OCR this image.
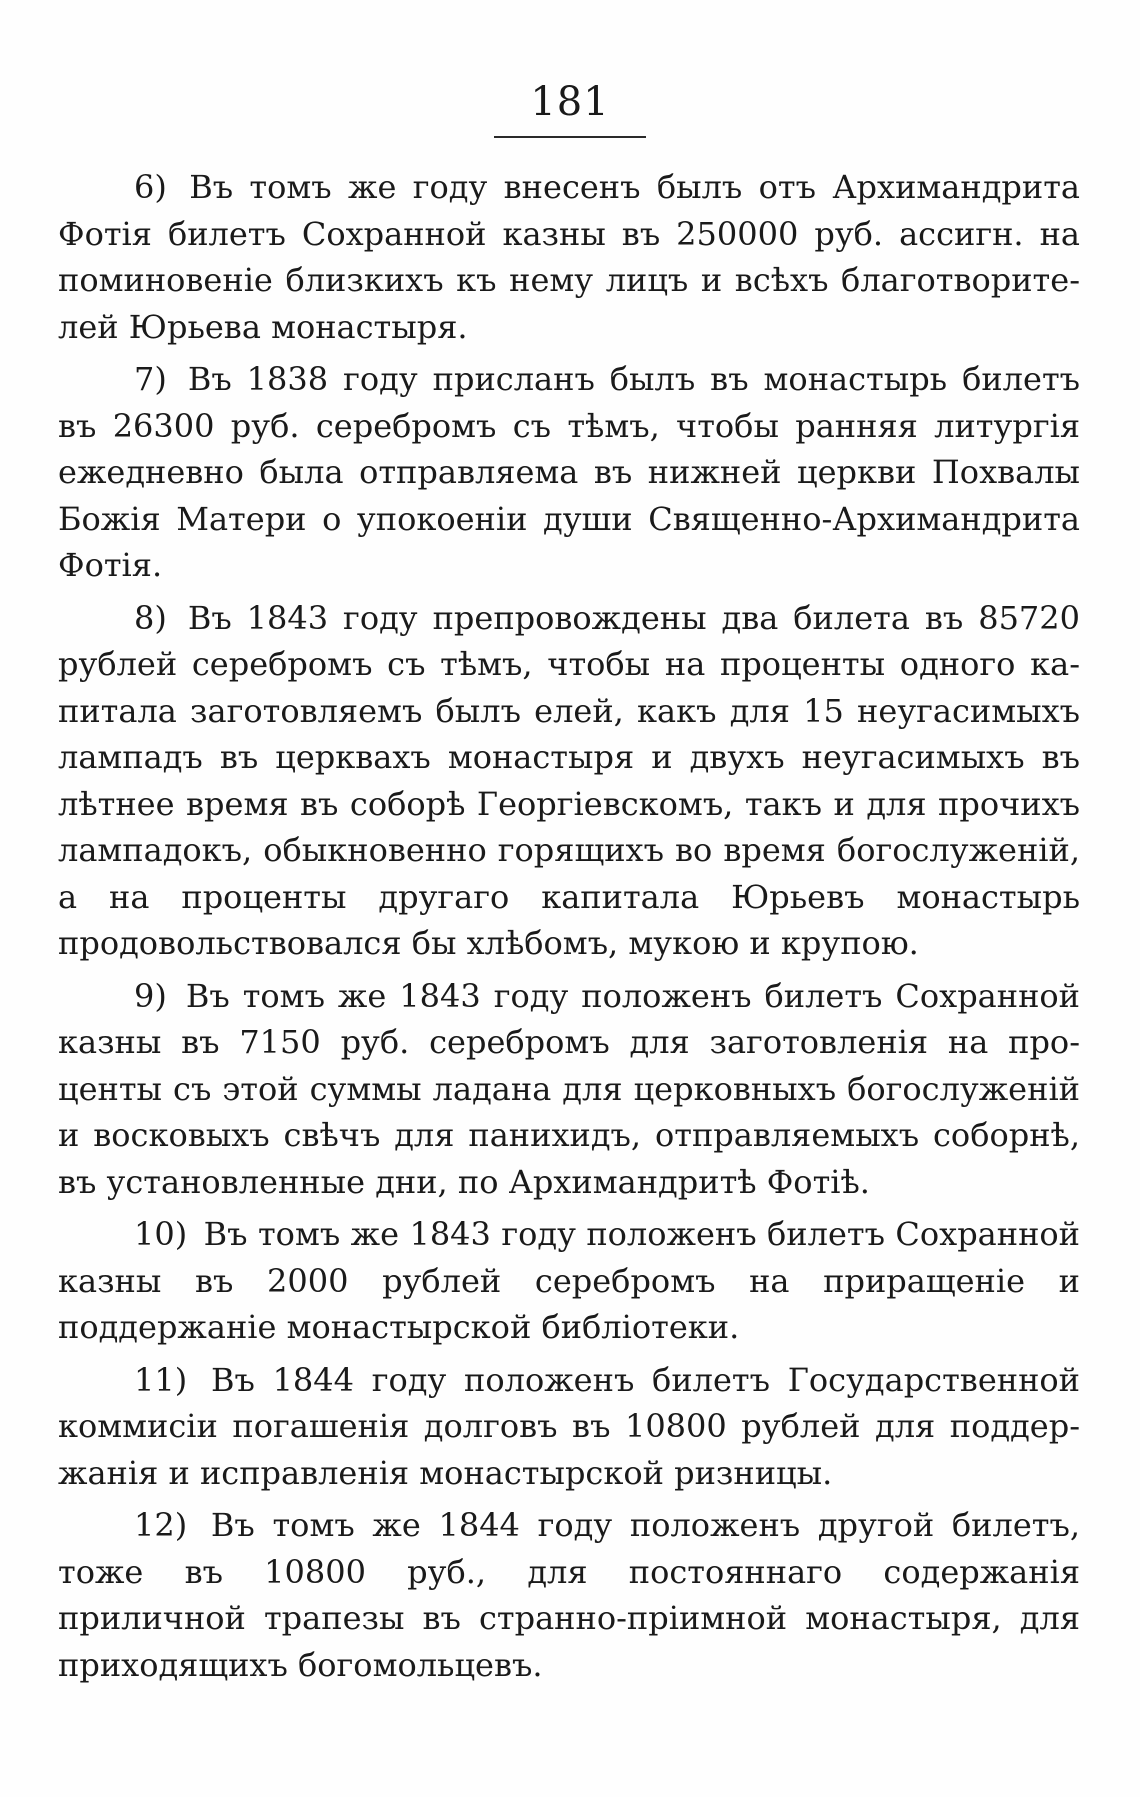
181

6) Въ томъ же году внесенъ былъ отъ Архимандрита Фотія билетъ Сохранной казны въ 250000 руб. ассигн. на поминовеніе близкихъ къ нему лицъ и всѣхъ благотворителей Юрьева монастыря.

7) Въ 1838 году присланъ былъ въ монастырь билетъ въ 26300 руб. серебромъ съ тѣмъ, чтобы ранняя литургія ежедневно была отправляема въ нижней церкви Похвалы Божія Матери о упокоеніи души Священно-Архимандрита Фотія.

8) Въ 1843 году препровождены два билета въ 85720 рублей серебромъ съ тѣмъ, чтобы на проценты одного капитала заготовляемъ былъ елей, какъ для 15 неугасимыхъ лампадъ въ церквахъ монастыря и двухъ неугасимыхъ въ лѣтнее время въ соборѣ Георгіевскомъ, такъ и для прочихъ лампадокъ, обыкновенно горящихъ во время богослуженій, а на проценты другаго капитала Юрьевъ монастырь продовольствовался бы хлѣбомъ, мукою и крупою.

9) Въ томъ же 1843 году положенъ билетъ Сохранной казны въ 7150 руб. серебромъ для заготовленія на проценты съ этой суммы ладана для церковныхъ богослуженій и восковыхъ свѣчъ для панихидъ, отправляемыхъ соборнѣ, въ установленные дни, по Архимандритѣ Фотіѣ.

10) Въ томъ же 1843 году положенъ билетъ Сохранной казны въ 2000 рублей серебромъ на приращеніе и поддержаніе монастырской библіотеки.

11) Въ 1844 году положенъ билетъ Государственной коммисіи погашенія долговъ въ 10800 рублей для поддержанія и исправленія монастырской ризницы.

12) Въ томъ же 1844 году положенъ другой билетъ, тоже въ 10800 руб., для постояннаго содержанія приличной трапезы въ странно-пріимной монастыря, для приходящихъ богомольцевъ.
